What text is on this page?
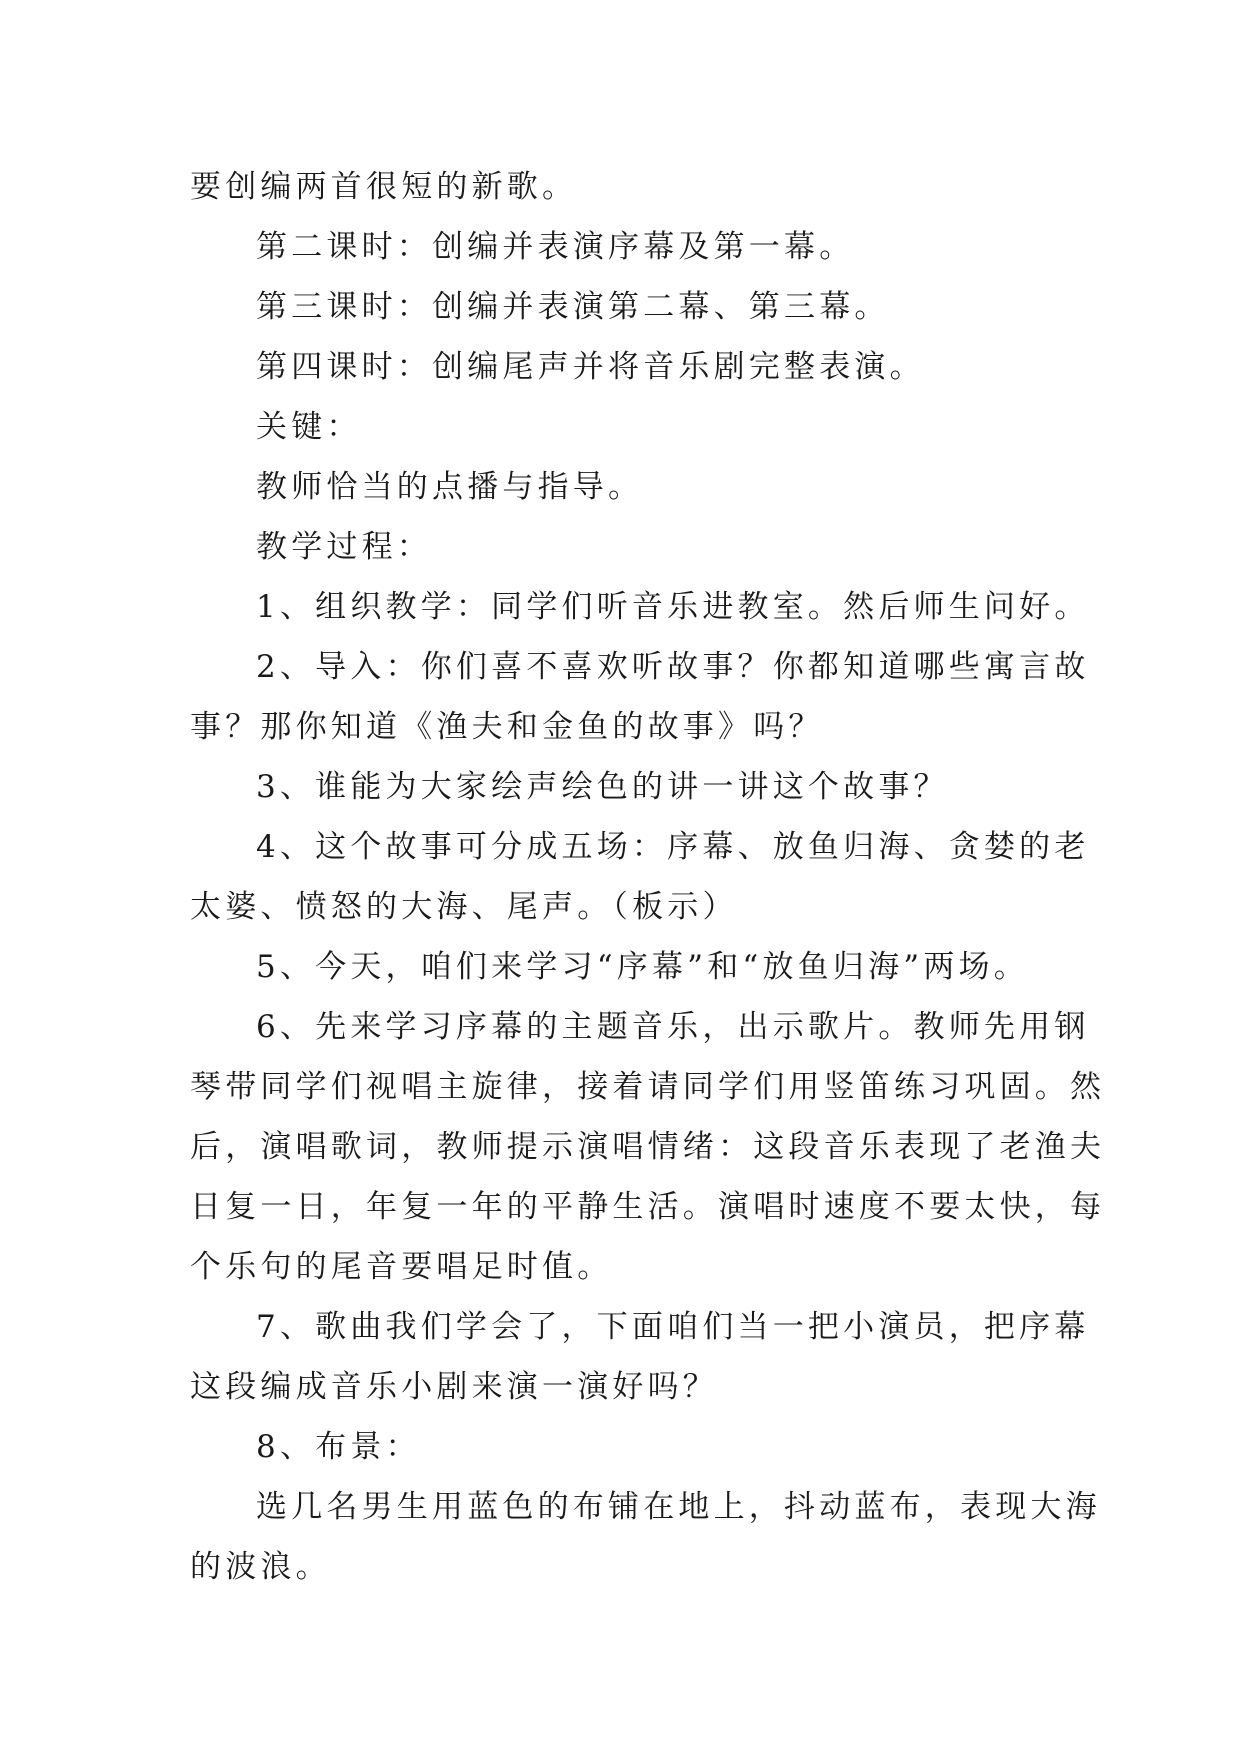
要创编两首很短的新歌。

第二课时：创编并表演序幕及第一幕。

第三课时：创编并表演第二幕、第三幕。

第四课时：创编尾声并将音乐剧完整表演。

关键：

教师恰当的点播与指导。

教学过程：

1、组织教学：同学们听音乐进教室。然后师生问好。

2、导入：你们喜不喜欢听故事？你都知道哪些寓言故

事？那你知道《渔夫和金鱼的故事》吗？

3、谁能为大家绘声绘色的讲一讲这个故事？

4、这个故事可分成五场：序幕、放鱼归海、贪婪的老

太婆、愤怒的大海、尾声。（板示）

5、今天，咱们来学习“序幕”和“放鱼归海”两场。

6、先来学习序幕的主题音乐，出示歌片。教师先用钢

琴带同学们视唱主旋律，接着请同学们用竖笛练习巩固。然

后，演唱歌词，教师提示演唱情绪：这段音乐表现了老渔夫

日复一日，年复一年的平静生活。演唱时速度不要太快，每

个乐句的尾音要唱足时值。

7、歌曲我们学会了，下面咱们当一把小演员，把序幕

这段编成音乐小剧来演一演好吗？

8、布景：

选几名男生用蓝色的布铺在地上，抖动蓝布，表现大海

的波浪。
